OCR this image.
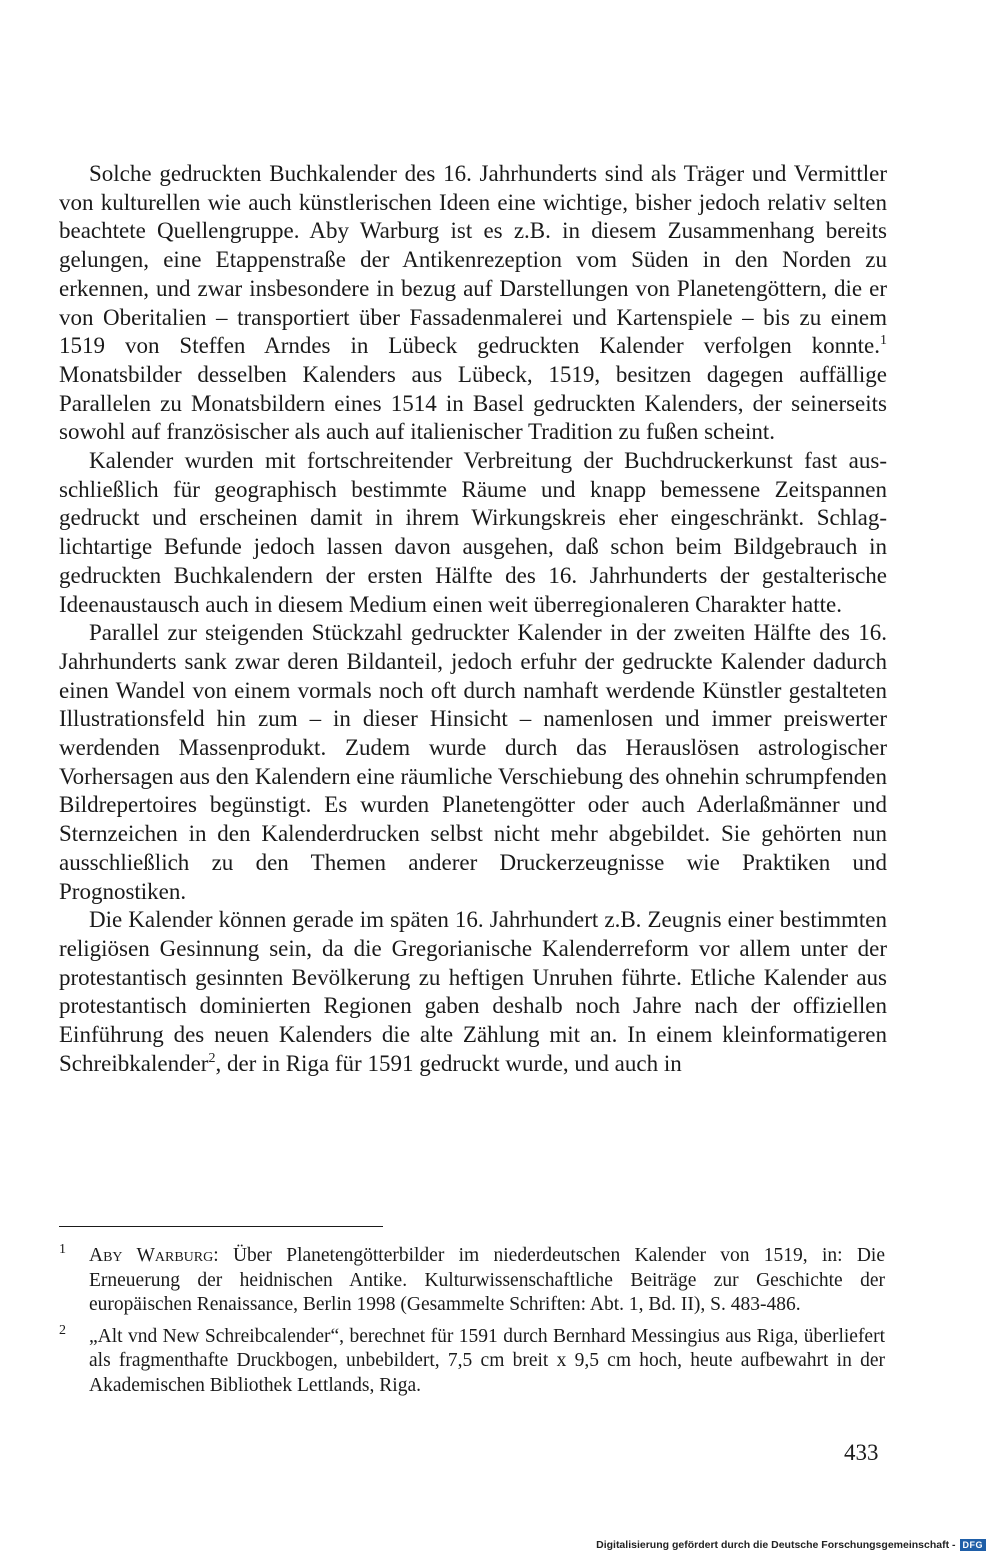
Solche gedruckten Buchkalender des 16. Jahrhunderts sind als Träger und Vermittler von kulturellen wie auch künstlerischen Ideen eine wichtige, bisher jedoch relativ selten beachtete Quellengruppe. Aby Warburg ist es z.B. in diesem Zusammenhang bereits gelungen, eine Etappenstraße der Antikenrezeption vom Süden in den Norden zu erkennen, und zwar insbesondere in bezug auf Darstellungen von Planetengöttern, die er von Oberitalien – transportiert über Fassadenmalerei und Kartenspiele – bis zu einem 1519 von Steffen Arndes in Lübeck gedruckten Kalender verfolgen konnte.$^1$ Monatsbilder desselben Kalenders aus Lübeck, 1519, besitzen dagegen auffällige Parallelen zu Monatsbildern eines 1514 in Basel gedruckten Kalenders, der seinerseits sowohl auf französischer als auch auf italienischer Tradition zu fußen scheint.

Kalender wurden mit fortschreitender Verbreitung der Buchdruckerkunst fast ausschließlich für geographisch bestimmte Räume und knapp bemessene Zeitspannen gedruckt und erscheinen damit in ihrem Wirkungskreis eher eingeschränkt. Schlaglichtartige Befunde jedoch lassen davon ausgehen, daß schon beim Bildgebrauch in gedruckten Buchkalendern der ersten Hälfte des 16. Jahrhunderts der gestalterische Ideenaustausch auch in diesem Medium einen weit überregionaleren Charakter hatte.

Parallel zur steigenden Stückzahl gedruckter Kalender in der zweiten Hälfte des 16. Jahrhunderts sank zwar deren Bildanteil, jedoch erfuhr der gedruckte Kalender dadurch einen Wandel von einem vormals noch oft durch namhaft werdende Künstler gestalteten Illustrationsfeld hin zum – in dieser Hinsicht – namenlosen und immer preiswerter werdenden Massenprodukt. Zudem wurde durch das Herauslösen astrologischer Vorhersagen aus den Kalendern eine räumliche Verschiebung des ohnehin schrumpfenden Bildrepertoires begünstigt. Es wurden Planetengötter oder auch Aderlaßmänner und Sternzeichen in den Kalenderdrucken selbst nicht mehr abgebildet. Sie gehörten nun ausschließlich zu den Themen anderer Druckerzeugnisse wie Praktiken und Prognostiken.

Die Kalender können gerade im späten 16. Jahrhundert z.B. Zeugnis einer bestimmten religiösen Gesinnung sein, da die Gregorianische Kalenderreform vor allem unter der protestantisch gesinnten Bevölkerung zu heftigen Unruhen führte. Etliche Kalender aus protestantisch dominierten Regionen gaben deshalb noch Jahre nach der offiziellen Einführung des neuen Kalenders die alte Zählung mit an. In einem kleinformatigeren Schreibkalender$^2$, der in Riga für 1591 gedruckt wurde, und auch in

1 Aby Warburg: Über Planetengötterbilder im niederdeutschen Kalender von 1519, in: Die Erneuerung der heidnischen Antike. Kulturwissenschaftliche Beiträge zur Geschichte der europäischen Renaissance, Berlin 1998 (Gesammelte Schriften: Abt. 1, Bd. II), S. 483-486.
2 „Alt vnd New Schreibcalender“, berechnet für 1591 durch Bernhard Messingius aus Riga, überliefert als fragmenthafte Druckbogen, unbebildert, 7,5 cm breit x 9,5 cm hoch, heute aufbewahrt in der Akademischen Bibliothek Lettlands, Riga.
433
Digitalisierung gefördert durch die Deutsche Forschungsgemeinschaft - DFG
